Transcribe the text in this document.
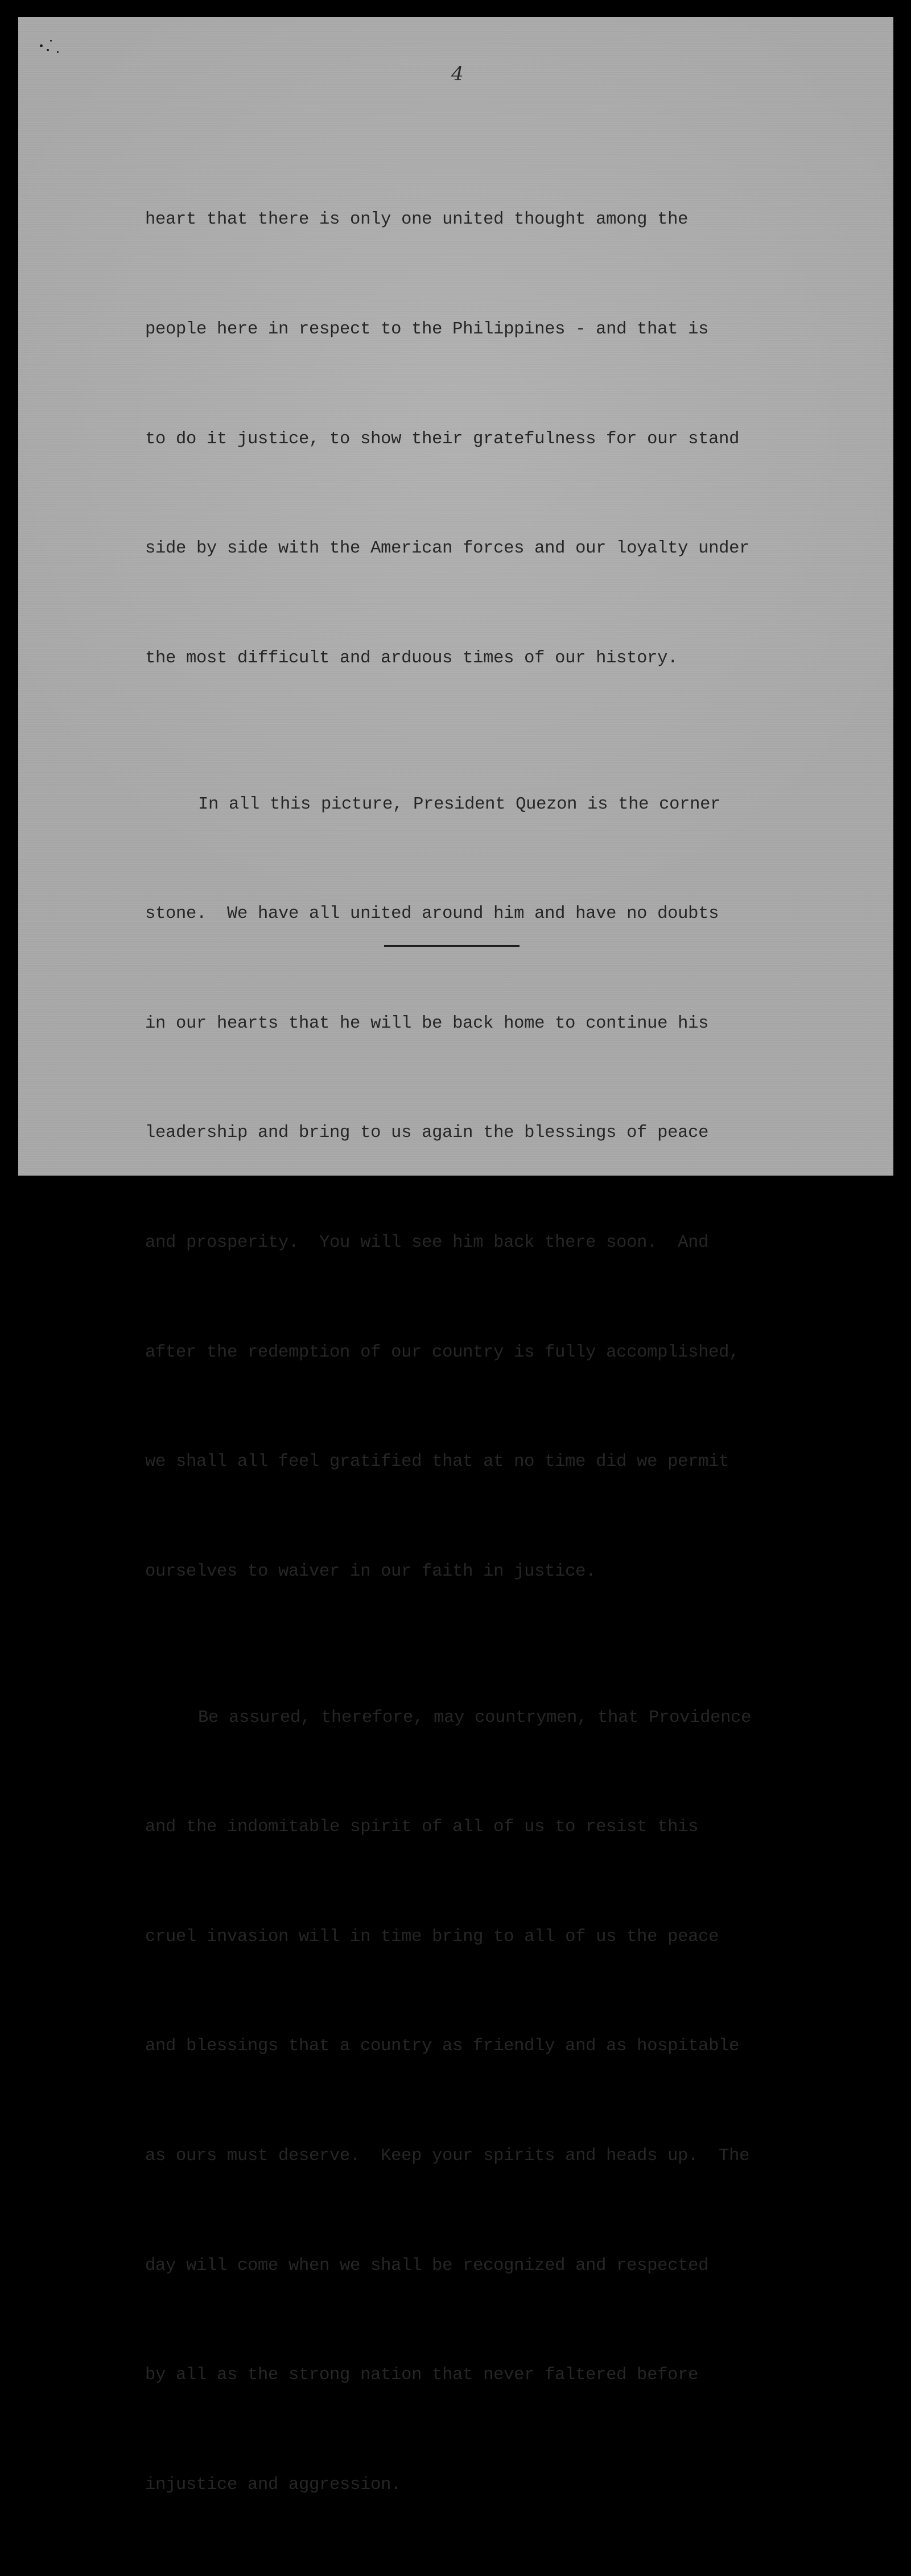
4

heart that there is only one united thought among the

people here in respect to the Philippines - and that is

to do it justice, to show their gratefulness for our stand

side by side with the American forces and our loyalty under

the most difficult and arduous times of our history.

In all this picture, President Quezon is the corner

stone.  We have all united around him and have no doubts

in our hearts that he will be back home to continue his

leadership and bring to us again the blessings of peace

and prosperity.  You will see him back there soon.  And

after the redemption of our country is fully accomplished,

we shall all feel gratified that at no time did we permit

ourselves to waiver in our faith in justice.

Be assured, therefore, may countrymen, that Providence

and the indomitable spirit of all of us to resist this

cruel invasion will in time bring to all of us the peace

and blessings that a country as friendly and as hospitable

as ours must deserve.  Keep your spirits and heads up.  The

day will come when we shall be recognized and respected

by all as the strong nation that never faltered before

injustice and aggression.
